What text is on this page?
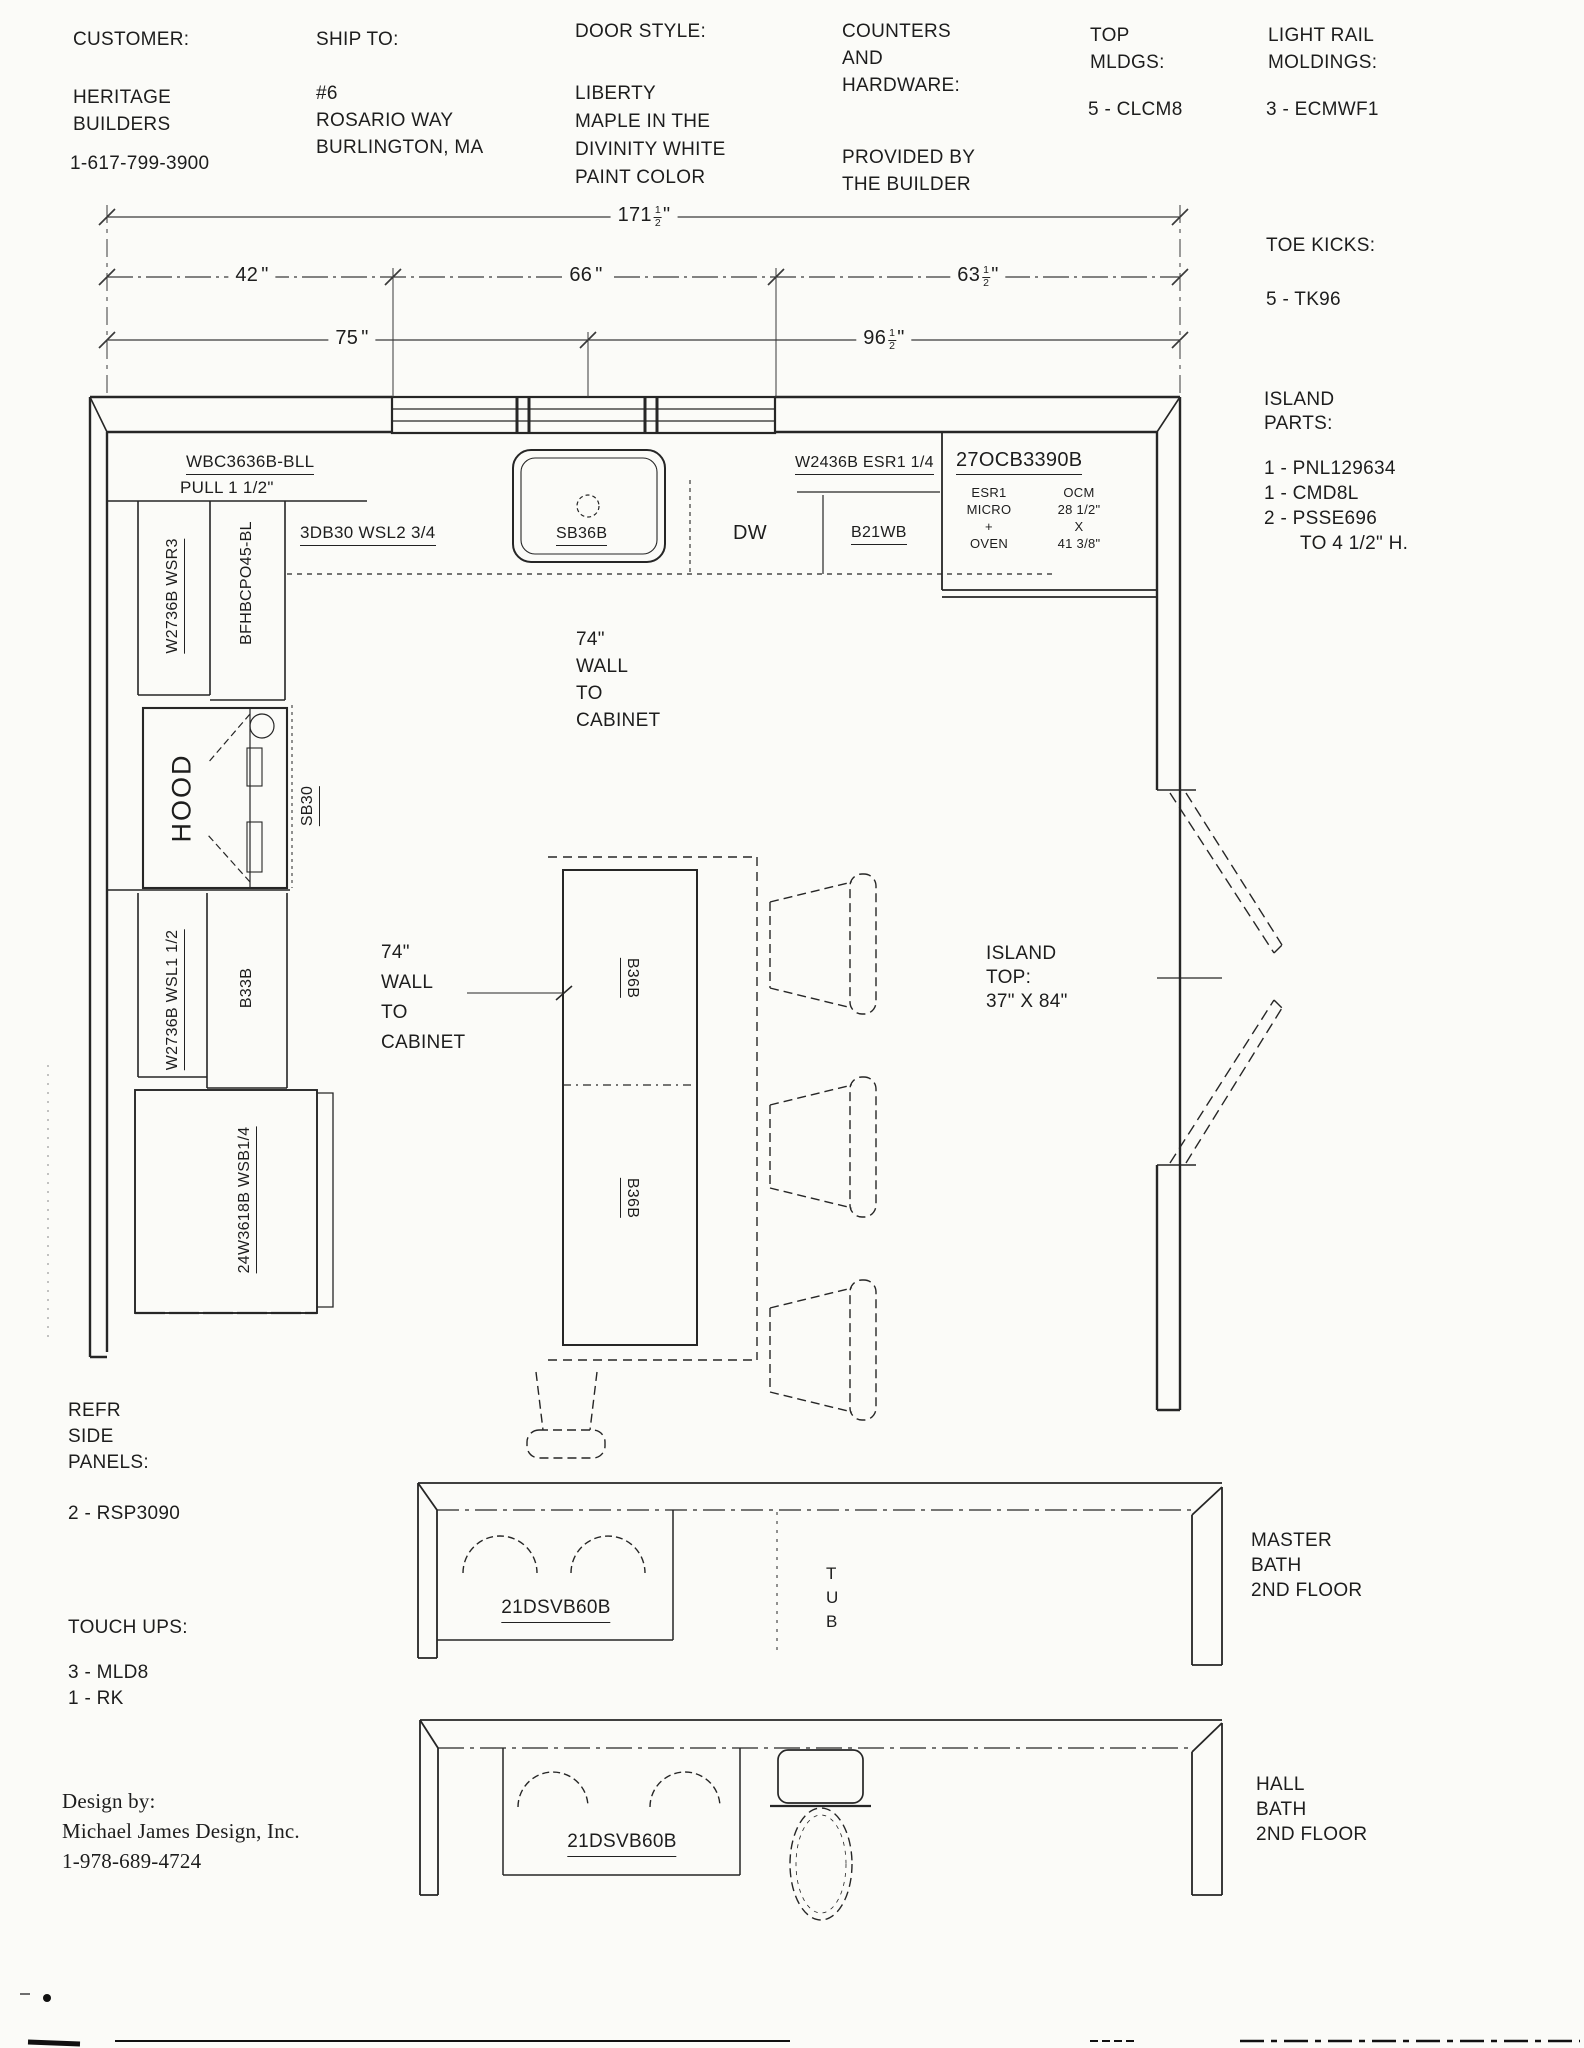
CUSTOMER:
HERITAGE
BUILDERS
1-617-799-3900
SHIP TO:
#6
ROSARIO WAY
BURLINGTON, MA
DOOR STYLE:
LIBERTY
MAPLE IN THE
DIVINITY WHITE
PAINT COLOR
COUNTERS
AND
HARDWARE:
PROVIDED BY
THE BUILDER
TOP
MLDGS:
5 - CLCM8
LIGHT RAIL
MOLDINGS:
3 - ECMWF1
$171 \frac{1}{2}$ "
42 "	66 "	$63 \frac{1}{2}$ "
75 "	$96 \frac{1}{2}$ "
WBC3636B-BLL
PULL 1 1/2"
W2736B WSR3	BFHBCPO45-BL	3DB30 WSL2 3/4	SB36B	DW
W2436B ESR1 1/4
B21WB
27OCB3390B
ESR1
MICRO
+
OVEN
OCM
28 1/2"
X
41 3/8"
74"
WALL
TO
CABINET
HOOD	SB30
74"
WALL
TO
CABINET
W2736B WSL1 1/2	B33B
24W3618B WSB1/4
B36B
B36B
ISLAND
TOP:
37" X 84"
TOE KICKS:
5 - TK96
ISLAND
PARTS:
1 - PNL129634
1 - CMD8L
2 - PSSE696
TO 4 1/2" H.
REFR
SIDE
PANELS:
2 - RSP3090
TOUCH UPS:
3 - MLD8
1 - RK
Design by:
Michael James Design, Inc.
1-978-689-4724
21DSVB60B
T
U
B
MASTER
BATH
2ND FLOOR
21DSVB60B
HALL
BATH
2ND FLOOR
